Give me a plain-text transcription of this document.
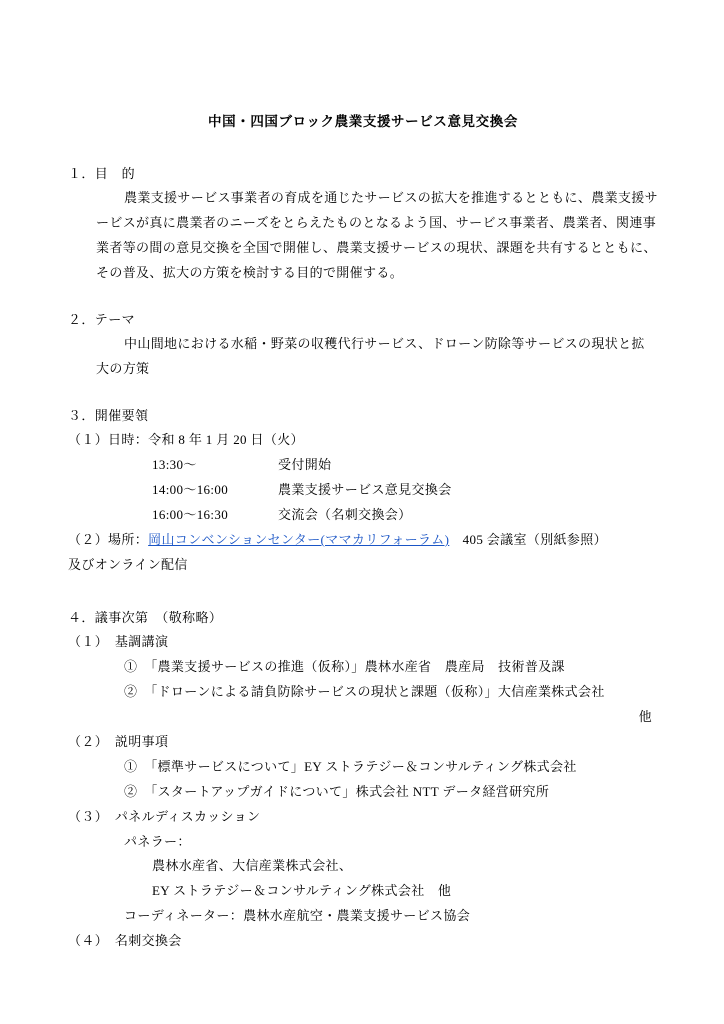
中国・四国ブロック農業支援サービス意見交換会

１．目　的

農業支援サービス事業者の育成を通じたサービスの拡大を推進するとともに、農業支援サービスが真に農業者のニーズをとらえたものとなるよう国、サービス事業者、農業者、関連事業者等の間の意見交換を全国で開催し、農業支援サービスの現状、課題を共有するとともに、その普及、拡大の方策を検討する目的で開催する。

２．テーマ

中山間地における水稲・野菜の収穫代行サービス、ドローン防除等サービスの現状と拡大の方策

３．開催要領

（１）日時：令和 8 年 1 月 20 日（火）

13:30〜	受付開始
14:00〜16:00	農業支援サービス意見交換会
16:00〜16:30	交流会（名刺交換会）

（２）場所：岡山コンベンションセンター(ママカリフォーラム)　405 会議室（別紙参照）

及びオンライン配信

４．議事次第　（敬称略）

（１）　基調講演

①　「農業支援サービスの推進（仮称）」農林水産省　農産局　技術普及課

②　「ドローンによる請負防除サービスの現状と課題（仮称）」大信産業株式会社

他

（２）　説明事項

①　「標準サービスについて」EY ストラテジー＆コンサルティング株式会社

②　「スタートアップガイドについて」株式会社 NTT データ経営研究所

（３）　パネルディスカッション

パネラー：

農林水産省、大信産業株式会社、

EY ストラテジー＆コンサルティング株式会社　他

コーディネーター：農林水産航空・農業支援サービス協会

（４）　名刺交換会
